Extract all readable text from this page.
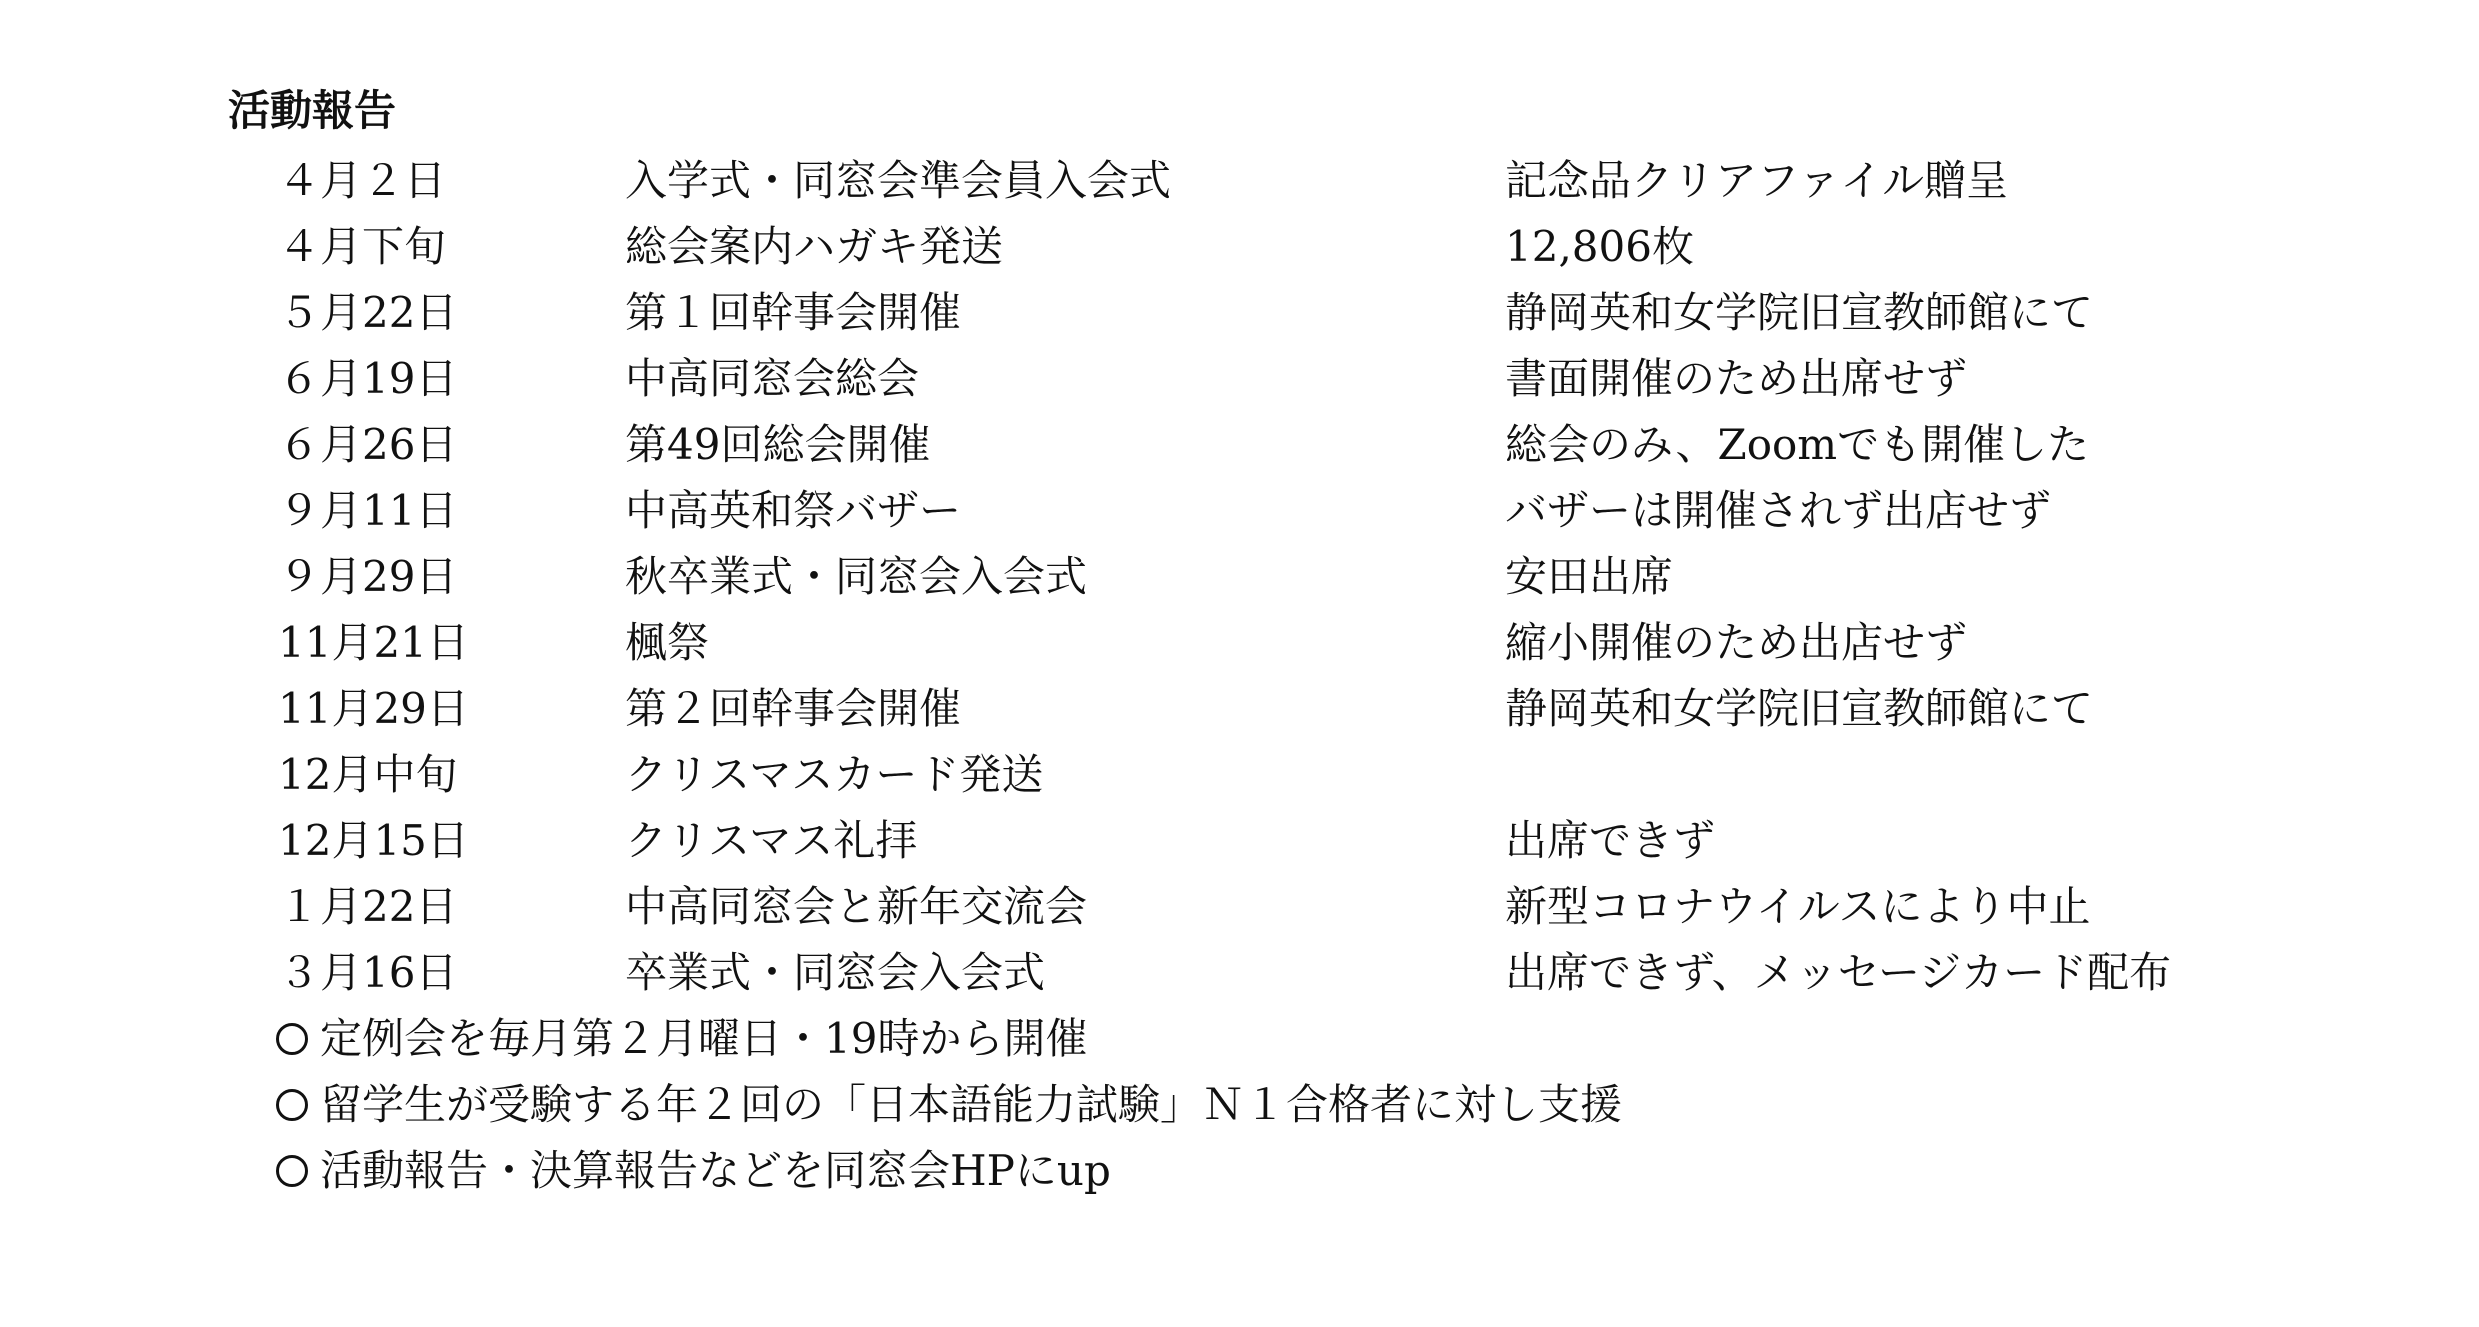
活動報告
４月２日	入学式・同窓会準会員入会式	記念品クリアファイル贈呈
４月下旬	総会案内ハガキ発送	12,806枚
５月22日	第１回幹事会開催	静岡英和女学院旧宣教師館にて
６月19日	中高同窓会総会	書面開催のため出席せず
６月26日	第49回総会開催	総会のみ、Zoomでも開催した
９月11日	中高英和祭バザー	バザーは開催されず出店せず
９月29日	秋卒業式・同窓会入会式	安田出席
11月21日	楓祭	縮小開催のため出店せず
11月29日	第２回幹事会開催	静岡英和女学院旧宣教師館にて
12月中旬	クリスマスカード発送
12月15日	クリスマス礼拝	出席できず
１月22日	中高同窓会と新年交流会	新型コロナウイルスにより中止
３月16日	卒業式・同窓会入会式	出席できず、メッセージカード配布
定例会を毎月第２月曜日・19時から開催
留学生が受験する年２回の「日本語能力試験」Ｎ１合格者に対し支援
活動報告・決算報告などを同窓会HPにup
